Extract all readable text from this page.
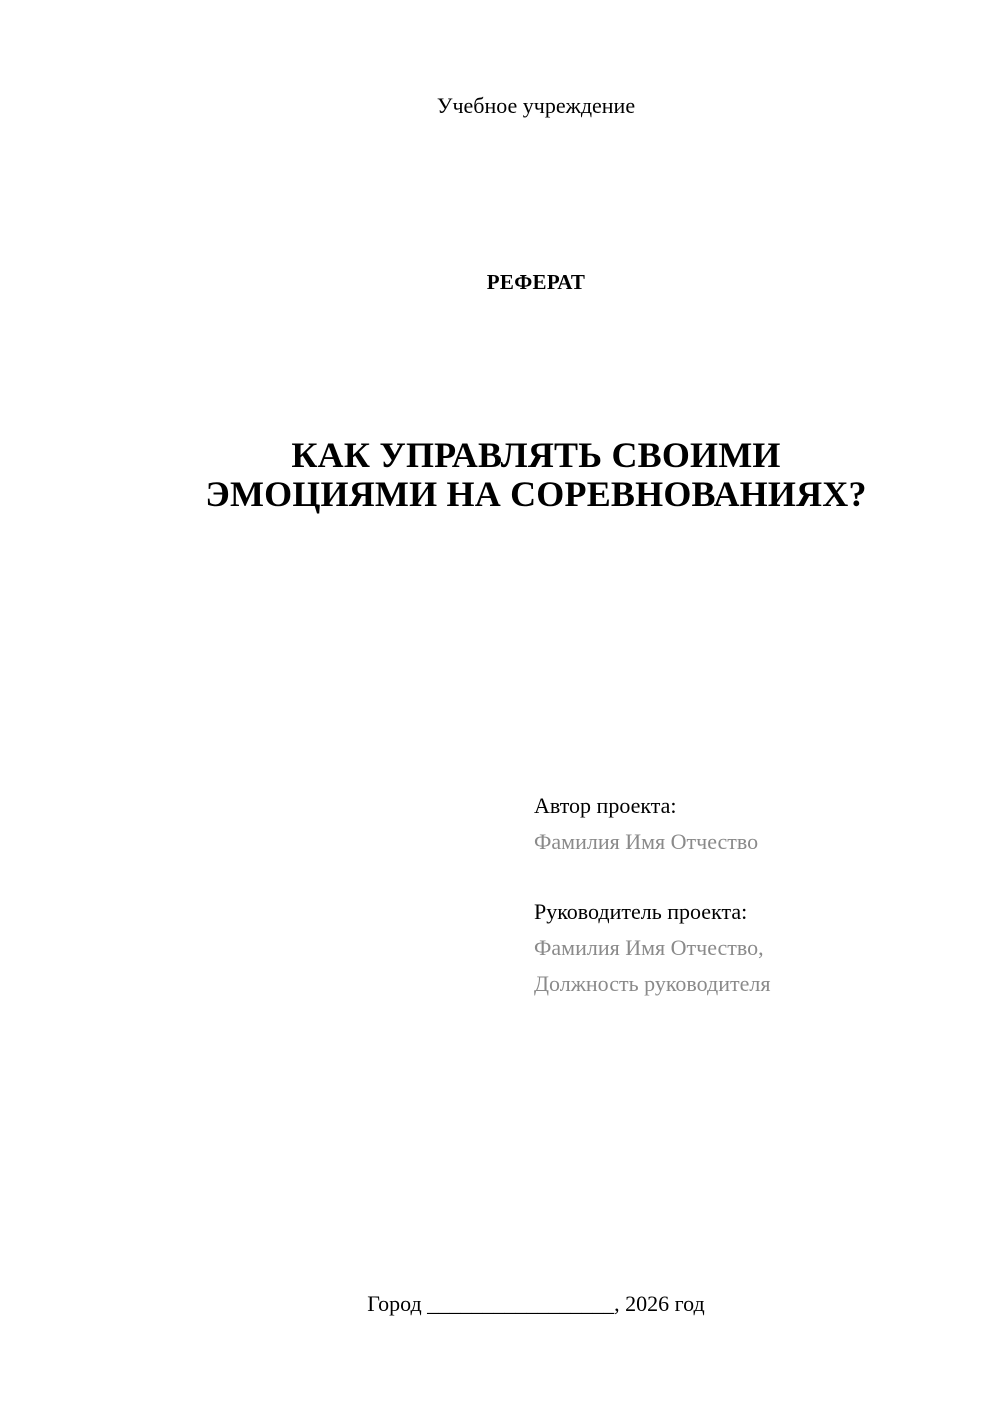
Учебное учреждение
РЕФЕРАТ
КАК УПРАВЛЯТЬ СВОИМИ
ЭМОЦИЯМИ НА СОРЕВНОВАНИЯХ?
Автор проекта:
Фамилия Имя Отчество
Руководитель проекта:
Фамилия Имя Отчество,
Должность руководителя
Город _________________, 2026 год
